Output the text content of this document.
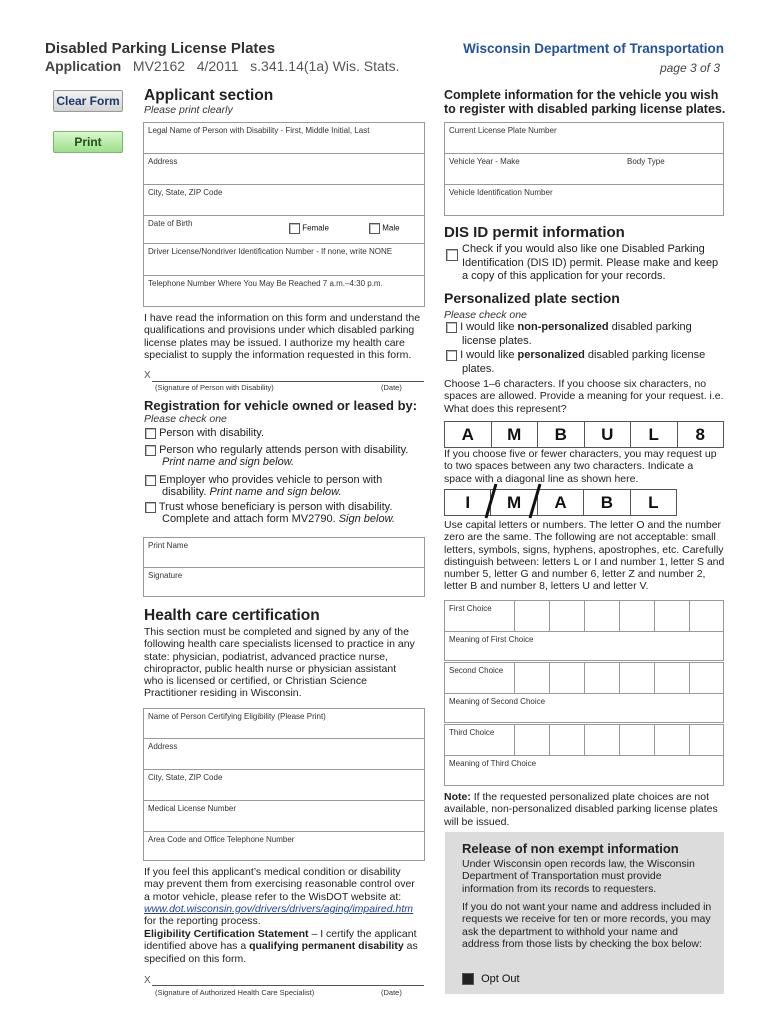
Disabled Parking License Plates
Application MV2162   4/2011   s.341.14(1a) Wis. Stats.
Wisconsin Department of Transportation
page 3 of 3
Clear Form
Print
Applicant section
Please print clearly
Legal Name of Person with Disability - First, Middle Initial, Last
Address
City, State, ZIP Code
Date of Birth
Female	Male
Driver License/Nondriver Identification Number - If none, write NONE
Telephone Number Where You May Be Reached 7 a.m.–4:30 p.m.
I have read the information on this form and understand the qualifications and provisions under which disabled parking license plates may be issued. I authorize my health care specialist to supply the information requested in this form.
X
(Signature of Person with Disability)	(Date)
Registration for vehicle owned or leased by:
Please check one
Person with disability.
Person who regularly attends person with disability.
Print name and sign below.
Employer who provides vehicle to person with
disability. Print name and sign below.
Trust whose beneficiary is person with disability.
Complete and attach form MV2790. Sign below.
Print Name
Signature
Health care certification
This section must be completed and signed by any of the following health care specialists licensed to practice in any state: physician, podiatrist, advanced practice nurse, chiropractor, public health nurse or physician assistant who is licensed or certified, or Christian Science Practitioner residing in Wisconsin.
Name of Person Certifying Eligibility (Please Print)
Address
City, State, ZIP Code
Medical License Number
Area Code and Office Telephone Number
If you feel this applicant’s medical condition or disability may prevent them from exercising reasonable control over a motor vehicle, please refer to the WisDOT website at: www.dot.wisconsin.gov/drivers/drivers/aging/impaired.htm for the reporting process.
Eligibility Certification Statement – I certify the applicant identified above has a qualifying permanent disability as specified on this form.
X
(Signature of Authorized Health Care Specialist)	(Date)
Complete information for the vehicle you wish
to register with disabled parking license plates.
Current License Plate Number
Vehicle Year - Make	Body Type
Vehicle Identification Number
DIS ID permit information
Check if you would also like one Disabled Parking Identification (DIS ID) permit. Please make and keep a copy of this application for your records.
Personalized plate section
Please check one
I would like non-personalized disabled parking
license plates.
I would like personalized disabled parking license
plates.
Choose 1–6 characters. If you choose six characters, no spaces are allowed. Provide a meaning for your request. i.e. What does this represent?
A	M	B	U	L	8
If you choose five or fewer characters, you may request up to two spaces between any two characters. Indicate a space with a diagonal line as shown here.
I	M	A	B	L
Use capital letters or numbers. The letter O and the number zero are the same. The following are not acceptable: small letters, symbols, signs, hyphens, apostrophes, etc. Carefully distinguish between: letters L or I and number 1, letter S and number 5, letter G and number 6, letter Z and number 2, letter B and number 8, letters U and letter V.
First Choice
Meaning of First Choice
Second Choice
Meaning of Second Choice
Third Choice
Meaning of Third Choice
Note: If the requested personalized plate choices are not available, non-personalized disabled parking license plates will be issued.
Release of non exempt information
Under Wisconsin open records law, the Wisconsin Department of Transportation must provide information from its records to requesters.
If you do not want your name and address included in requests we receive for ten or more records, you may ask the department to withhold your name and address from those lists by checking the box below:
Opt Out
